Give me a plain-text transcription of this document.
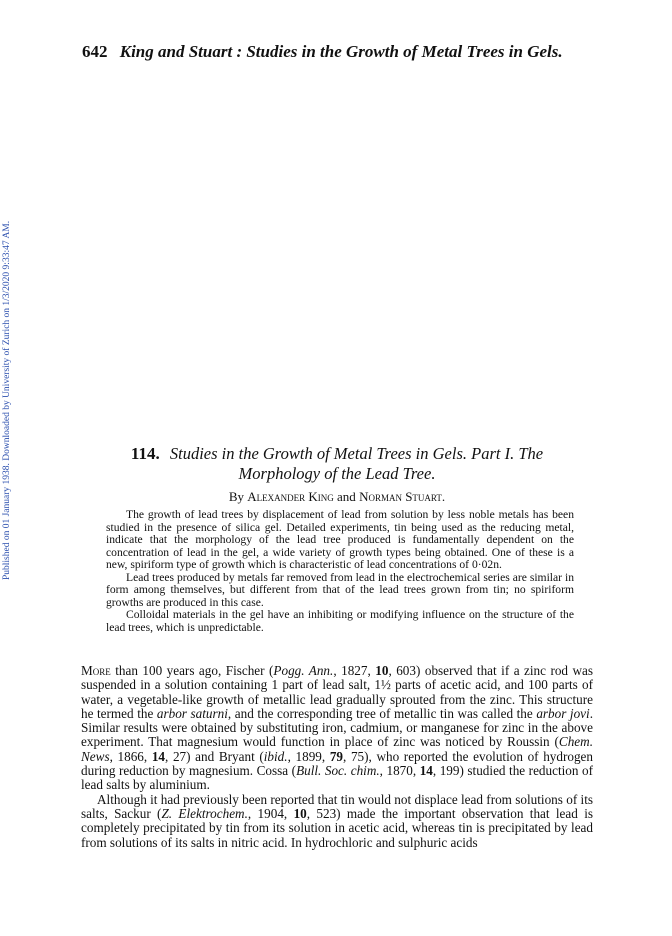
Published on 01 January 1938. Downloaded by University of Zurich on 1/3/2020 9:33:47 AM.
642 King and Stuart : Studies in the Growth of Metal Trees in Gels.
114. Studies in the Growth of Metal Trees in Gels. Part I. The
Morphology of the Lead Tree.
By Alexander King and Norman Stuart.

The growth of lead trees by displacement of lead from solution by less noble metals has been studied in the presence of silica gel. Detailed experiments, tin being used as the reducing metal, indicate that the morphology of the lead tree produced is fundamentally dependent on the concentration of lead in the gel, a wide variety of growth types being obtained. One of these is a new, spiriform type of growth which is characteristic of lead concentrations of 0·02n.

Lead trees produced by metals far removed from lead in the electrochemical series are similar in form among themselves, but different from that of the lead trees grown from tin; no spiriform growths are produced in this case.

Colloidal materials in the gel have an inhibiting or modifying influence on the structure of the lead trees, which is unpredictable.

More than 100 years ago, Fischer (Pogg. Ann., 1827, 10, 603) observed that if a zinc rod was suspended in a solution containing 1 part of lead salt, 1½ parts of acetic acid, and 100 parts of water, a vegetable-like growth of metallic lead gradually sprouted from the zinc. This structure he termed the arbor saturni, and the corresponding tree of metallic tin was called the arbor jovi. Similar results were obtained by substituting iron, cadmium, or manganese for zinc in the above experiment. That magnesium would function in place of zinc was noticed by Roussin (Chem. News, 1866, 14, 27) and Bryant (ibid., 1899, 79, 75), who reported the evolution of hydrogen during reduction by magnesium. Cossa (Bull. Soc. chim., 1870, 14, 199) studied the reduction of lead salts by aluminium.

Although it had previously been reported that tin would not displace lead from solutions of its salts, Sackur (Z. Elektrochem., 1904, 10, 523) made the important observation that lead is completely precipitated by tin from its solution in acetic acid, whereas tin is precipitated by lead from solutions of its salts in nitric acid. In hydrochloric and sulphuric acids
